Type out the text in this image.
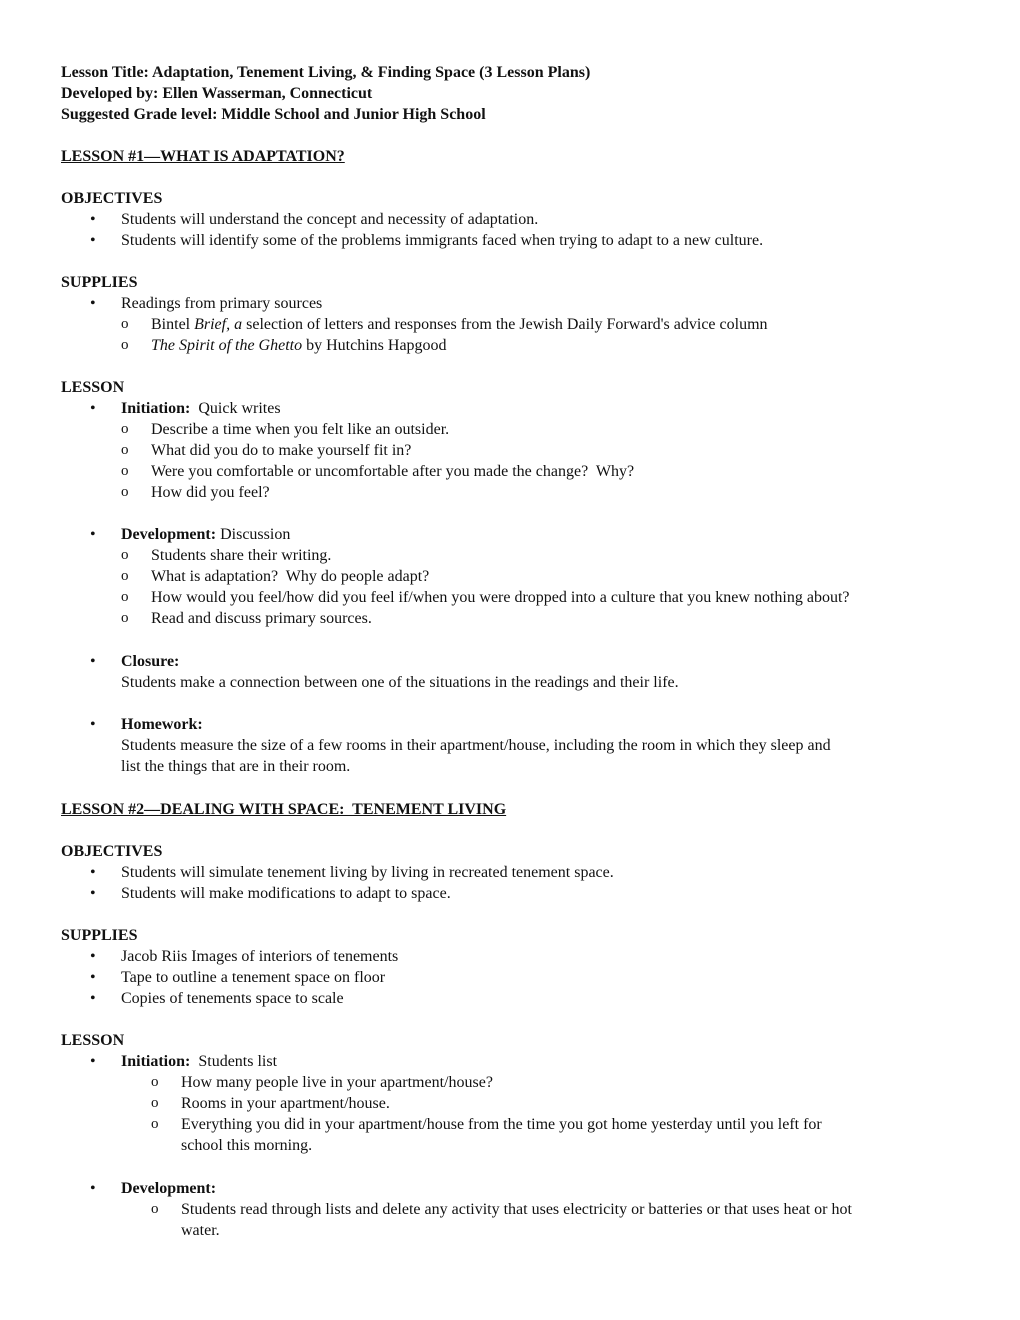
Lesson Title: Adaptation, Tenement Living, & Finding Space (3 Lesson Plans)
Developed by: Ellen Wasserman, Connecticut
Suggested Grade level: Middle School and Junior High School
LESSON #1—WHAT IS ADAPTATION?
OBJECTIVES
• Students will understand the concept and necessity of adaptation.
• Students will identify some of the problems immigrants faced when trying to adapt to a new culture.
SUPPLIES
• Readings from primary sources
o Bintel Brief, a selection of letters and responses from the Jewish Daily Forward's advice column
o The Spirit of the Ghetto by Hutchins Hapgood
LESSON
• Initiation:  Quick writes
o Describe a time when you felt like an outsider.
o What did you do to make yourself fit in?
o Were you comfortable or uncomfortable after you made the change?  Why?
o How did you feel?
• Development: Discussion
o Students share their writing.
o What is adaptation?  Why do people adapt?
o How would you feel/how did you feel if/when you were dropped into a culture that you knew nothing about?
o Read and discuss primary sources.
• Closure:
Students make a connection between one of the situations in the readings and their life.
• Homework:
Students measure the size of a few rooms in their apartment/house, including the room in which they sleep and
list the things that are in their room.
LESSON #2—DEALING WITH SPACE:  TENEMENT LIVING
OBJECTIVES
• Students will simulate tenement living by living in recreated tenement space.
• Students will make modifications to adapt to space.
SUPPLIES
• Jacob Riis Images of interiors of tenements
• Tape to outline a tenement space on floor
• Copies of tenements space to scale
LESSON
• Initiation:  Students list
o How many people live in your apartment/house?
o Rooms in your apartment/house.
o Everything you did in your apartment/house from the time you got home yesterday until you left for
school this morning.
• Development:
o Students read through lists and delete any activity that uses electricity or batteries or that uses heat or hot
water.
